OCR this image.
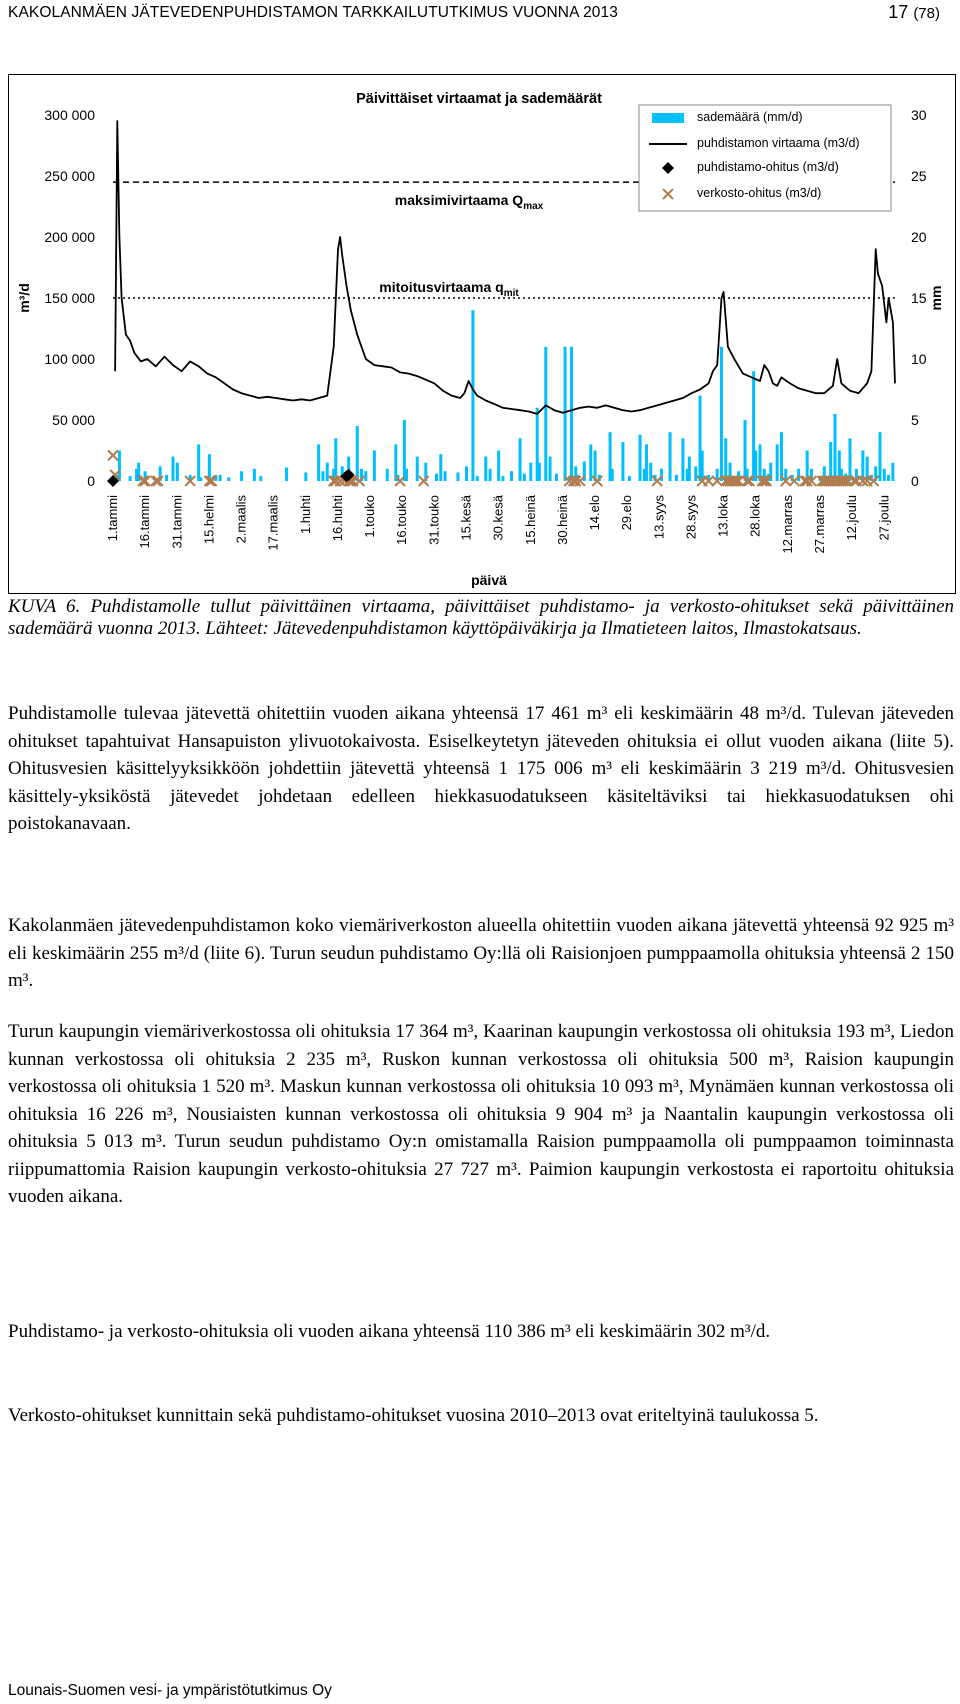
KAKOLANMÄEN JÄTEVEDENPUHDISTAMON TARKKAILUTUTKIMUS VUONNA 2013	17 (78)
0
50 000
100 000
150 000
200 000
250 000
300 000
0
5
10
15
20
25
30
m³/d	mm
Päivittäiset virtaamat ja sademäärät
maksimivirtaama $Q_{max}$
mitoitusvirtaama $q_{mit}$
1.tammi 16.tammi 31.tammi 15.helmi 2.maalis 17.maalis 1.huhti 16.huhti 1.touko 16.touko 31.touko 15.kesä 30.kesä 15.heinä 30.heinä 14.elo 29.elo 13.syys 28.syys 13.loka 28.loka 12.marras 27.marras 12.joulu 27.joulu
päivä
sademäärä (mm/d)
puhdistamon virtaama (m3/d)
puhdistamo-ohitus (m3/d)
verkosto-ohitus (m3/d)
KUVA 6. Puhdistamolle tullut päivittäinen virtaama, päivittäiset puhdistamo- ja verkosto-ohitukset sekä päivittäinen sademäärä vuonna 2013. Lähteet: Jätevedenpuhdistamon käyttöpäiväkirja ja Ilmatieteen laitos, Ilmastokatsaus.

Puhdistamolle tulevaa jätevettä ohitettiin vuoden aikana yhteensä 17 461 m³ eli keskimäärin 48 m³/d. Tulevan jäteveden ohitukset tapahtuivat Hansapuiston ylivuotokaivosta. Esiselkeytetyn jäteveden ohituksia ei ollut vuoden aikana (liite 5). Ohitusvesien käsittelyyksikköön johdettiin jätevettä yhteensä 1 175 006 m³ eli keskimäärin 3 219 m³/d. Ohitusvesien käsittely-yksiköstä jätevedet johdetaan edelleen hiekkasuodatukseen käsiteltäviksi tai hiekkasuodatuksen ohi poistokanavaan.

Kakolanmäen jätevedenpuhdistamon koko viemäriverkoston alueella ohitettiin vuoden aikana jätevettä yhteensä 92 925 m³ eli keskimäärin 255 m³/d (liite 6). Turun seudun puhdistamo Oy:llä oli Raisionjoen pumppaamolla ohituksia yhteensä 2 150 m³.

Turun kaupungin viemäriverkostossa oli ohituksia 17 364 m³, Kaarinan kaupungin verkostossa oli ohituksia 193 m³, Liedon kunnan verkostossa oli ohituksia 2 235 m³, Ruskon kunnan verkostossa oli ohituksia 500 m³, Raision kaupungin verkostossa oli ohituksia 1 520 m³. Maskun kunnan verkostossa oli ohituksia 10 093 m³, Mynämäen kunnan verkostossa oli ohituksia 16 226 m³, Nousiaisten kunnan verkostossa oli ohituksia 9 904 m³ ja Naantalin kaupungin verkostossa oli ohituksia 5 013 m³. Turun seudun puhdistamo Oy:n omistamalla Raision pumppaamolla oli pumppaamon toiminnasta riippumattomia Raision kaupungin verkosto-ohituksia 27 727 m³. Paimion kaupungin verkostosta ei raportoitu ohituksia vuoden aikana.

Puhdistamo- ja verkosto-ohituksia oli vuoden aikana yhteensä 110 386 m³ eli keskimäärin 302 m³/d.

Verkosto-ohitukset kunnittain sekä puhdistamo-ohitukset vuosina 2010–2013 ovat eriteltyinä taulukossa 5.

Lounais-Suomen vesi- ja ympäristötutkimus Oy
